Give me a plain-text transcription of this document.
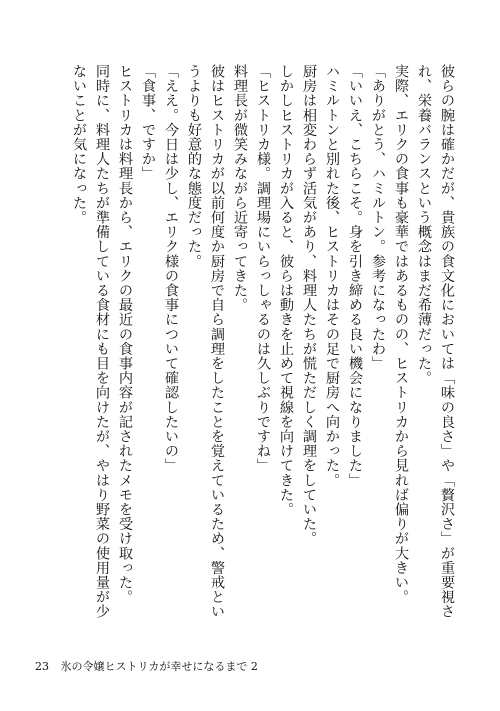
彼らの腕は確かだが、貴族の食文化においては「味の良さ」や「贅沢さ」が重要視され、栄養バランスという概念はまだ希薄だった。

実際、エリクの食事も豪華ではあるものの、ヒストリカから見れば偏りが大きい。

「ありがとう、ハミルトン。参考になったわ」

「いいえ、こちらこそ。身を引き締める良い機会になりました」

ハミルトンと別れた後、ヒストリカはその足で厨房へ向かった。

厨房は相変わらず活気があり、料理人たちが慌ただしく調理をしていた。

しかしヒストリカが入ると、彼らは動きを止めて視線を向けてきた。

「ヒストリカ様。調理場にいらっしゃるのは久しぶりですね」

料理長が微笑みながら近寄ってきた。

彼はヒストリカが以前何度か厨房で自ら調理をしたことを覚えているため、警戒というよりも好意的な態度だった。

「ええ。今日は少し、エリク様の食事について確認したいの」

「食事、ですか」

ヒストリカは料理長から、エリクの最近の食事内容が記されたメモを受け取った。

同時に、料理人たちが準備している食材にも目を向けたが、やはり野菜の使用量が少ないことが気になった。

23 氷の令嬢ヒストリカが幸せになるまで 2
